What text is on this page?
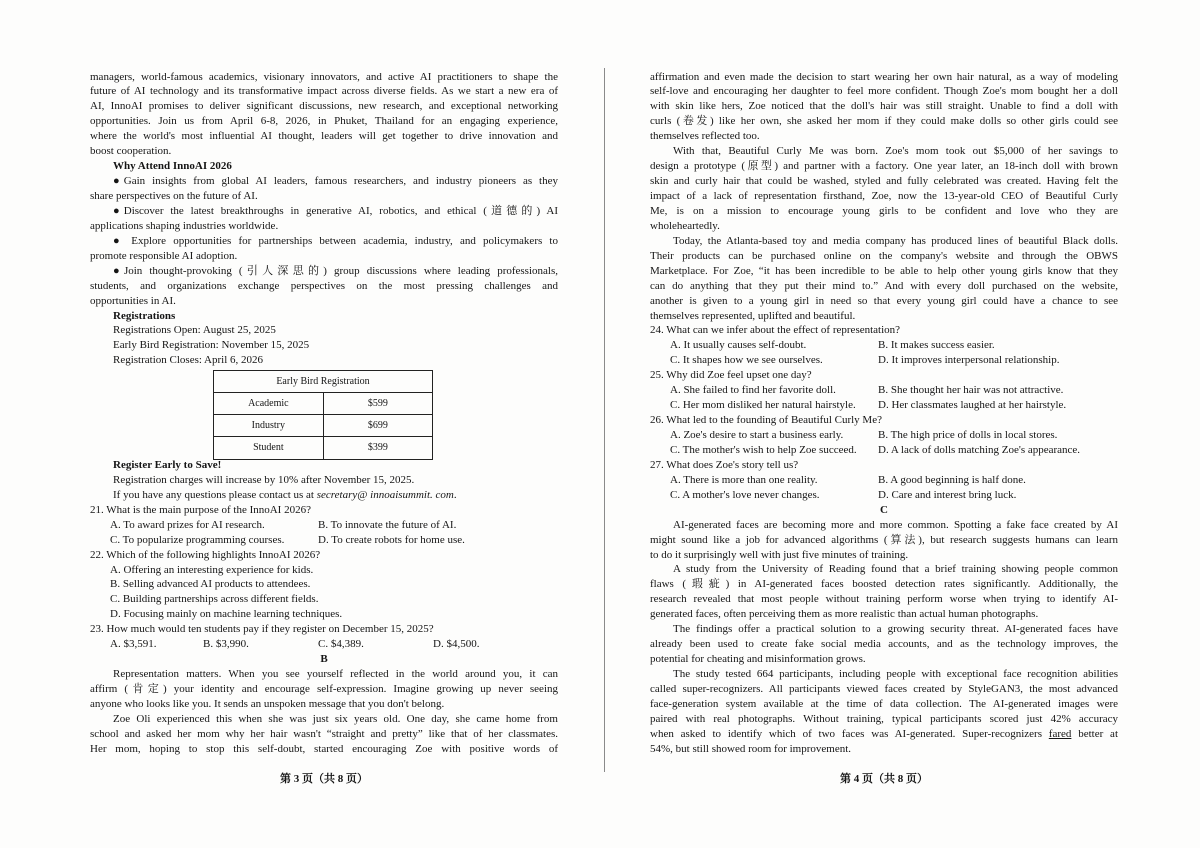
managers, world-famous academics, visionary innovators, and active AI practitioners to shape the
future of AI technology and its transformative impact across diverse fields. As we start a new era of
AI, InnoAI promises to deliver significant discussions, new research, and exceptional networking
opportunities. Join us from April 6-8, 2026, in Phuket, Thailand for an engaging experience,
where the world's most influential AI thought, leaders will get together to drive innovation and
boost cooperation.
Why Attend InnoAI 2026
●Gain insights from global AI leaders, famous researchers, and industry pioneers as they
share perspectives on the future of AI.
●Discover the latest breakthroughs in generative AI, robotics, and ethical (道德的) AI
applications shaping industries worldwide.
● Explore opportunities for partnerships between academia, industry, and policymakers to
promote responsible AI adoption.
●Join thought-provoking (引人深思的) group discussions where leading professionals,
students, and organizations exchange perspectives on the most pressing challenges and
opportunities in AI.
Registrations
Registrations Open: August 25, 2025
Early Bird Registration: November 15, 2025
Registration Closes: April 6, 2026
Early Bird Registration	
Academic	$599
Industry	$699
Student	$399
Register Early to Save!
Registration charges will increase by 10% after November 15, 2025.
If you have any questions please contact us at secretary@ innoaisummit. com.
21. What is the main purpose of the InnoAI 2026?
A. To award prizes for AI research.	B. To innovate the future of AI.
C. To popularize programming courses.	D. To create robots for home use.
22. Which of the following highlights InnoAI 2026?
A. Offering an interesting experience for kids.
B. Selling advanced AI products to attendees.
C. Building partnerships across different fields.
D. Focusing mainly on machine learning techniques.
23. How much would ten students pay if they register on December 15, 2025?
A. $3,591.	B. $3,990.	C. $4,389.	D. $4,500.
B
Representation matters. When you see yourself reflected in the world around you, it can
affirm (肯定) your identity and encourage self-expression. Imagine growing up never seeing
anyone who looks like you. It sends an unspoken message that you don't belong.
Zoe Oli experienced this when she was just six years old. One day, she came home from
school and asked her mom why her hair wasn't “straight and pretty” like that of her classmates.
Her mom, hoping to stop this self-doubt, started encouraging Zoe with positive words of
affirmation and even made the decision to start wearing her own hair natural, as a way of modeling
self-love and encouraging her daughter to feel more confident. Though Zoe's mom bought her a doll
with skin like hers, Zoe noticed that the doll's hair was still straight. Unable to find a doll with
curls (卷发) like her own, she asked her mom if they could make dolls so other girls could see
themselves reflected too.
With that, Beautiful Curly Me was born. Zoe's mom took out $5,000 of her savings to
design a prototype (原型) and partner with a factory. One year later, an 18-inch doll with brown
skin and curly hair that could be washed, styled and fully celebrated was created. Having felt the
impact of a lack of representation firsthand, Zoe, now the 13-year-old CEO of Beautiful Curly
Me, is on a mission to encourage young girls to be confident and love who they are
wholeheartedly.
Today, the Atlanta-based toy and media company has produced lines of beautiful Black dolls.
Their products can be purchased online on the company's website and through the OBWS
Marketplace. For Zoe, “it has been incredible to be able to help other young girls know that they
can do anything that they put their mind to.” And with every doll purchased on the website,
another is given to a young girl in need so that every young girl could have a chance to see
themselves represented, uplifted and beautiful.
24. What can we infer about the effect of representation?
A. It usually causes self-doubt.	B. It makes success easier.
C. It shapes how we see ourselves.	D. It improves interpersonal relationship.
25. Why did Zoe feel upset one day?
A. She failed to find her favorite doll.	B. She thought her hair was not attractive.
C. Her mom disliked her natural hairstyle. D. Her classmates laughed at her hairstyle.
26. What led to the founding of Beautiful Curly Me?
A. Zoe's desire to start a business early.	B. The high price of dolls in local stores.
C. The mother's wish to help Zoe succeed. D. A lack of dolls matching Zoe's appearance.
27. What does Zoe's story tell us?
A. There is more than one reality.	B. A good beginning is half done.
C. A mother's love never changes.	D. Care and interest bring luck.
C
AI-generated faces are becoming more and more common. Spotting a fake face created by AI
might sound like a job for advanced algorithms (算法), but research suggests humans can learn
to do it surprisingly well with just five minutes of training.
A study from the University of Reading found that a brief training showing people common
flaws (瑕疵) in AI-generated faces boosted detection rates significantly. Additionally, the
research revealed that most people without training perform worse when trying to identify AI-
generated faces, often perceiving them as more realistic than actual human photographs.
The findings offer a practical solution to a growing security threat. AI-generated faces have
already been used to create fake social media accounts, and as the technology improves, the
potential for cheating and misinformation grows.
The study tested 664 participants, including people with exceptional face recognition abilities
called super-recognizers. All participants viewed faces created by StyleGAN3, the most advanced
face-generation system available at the time of data collection. The AI-generated images were
paired with real photographs. Without training, typical participants scored just 42% accuracy
when asked to identify which of two faces was AI-generated. Super-recognizers fared better at
54%, but still showed room for improvement.
第 3 页（共 8 页）	第 4 页（共 8 页）
